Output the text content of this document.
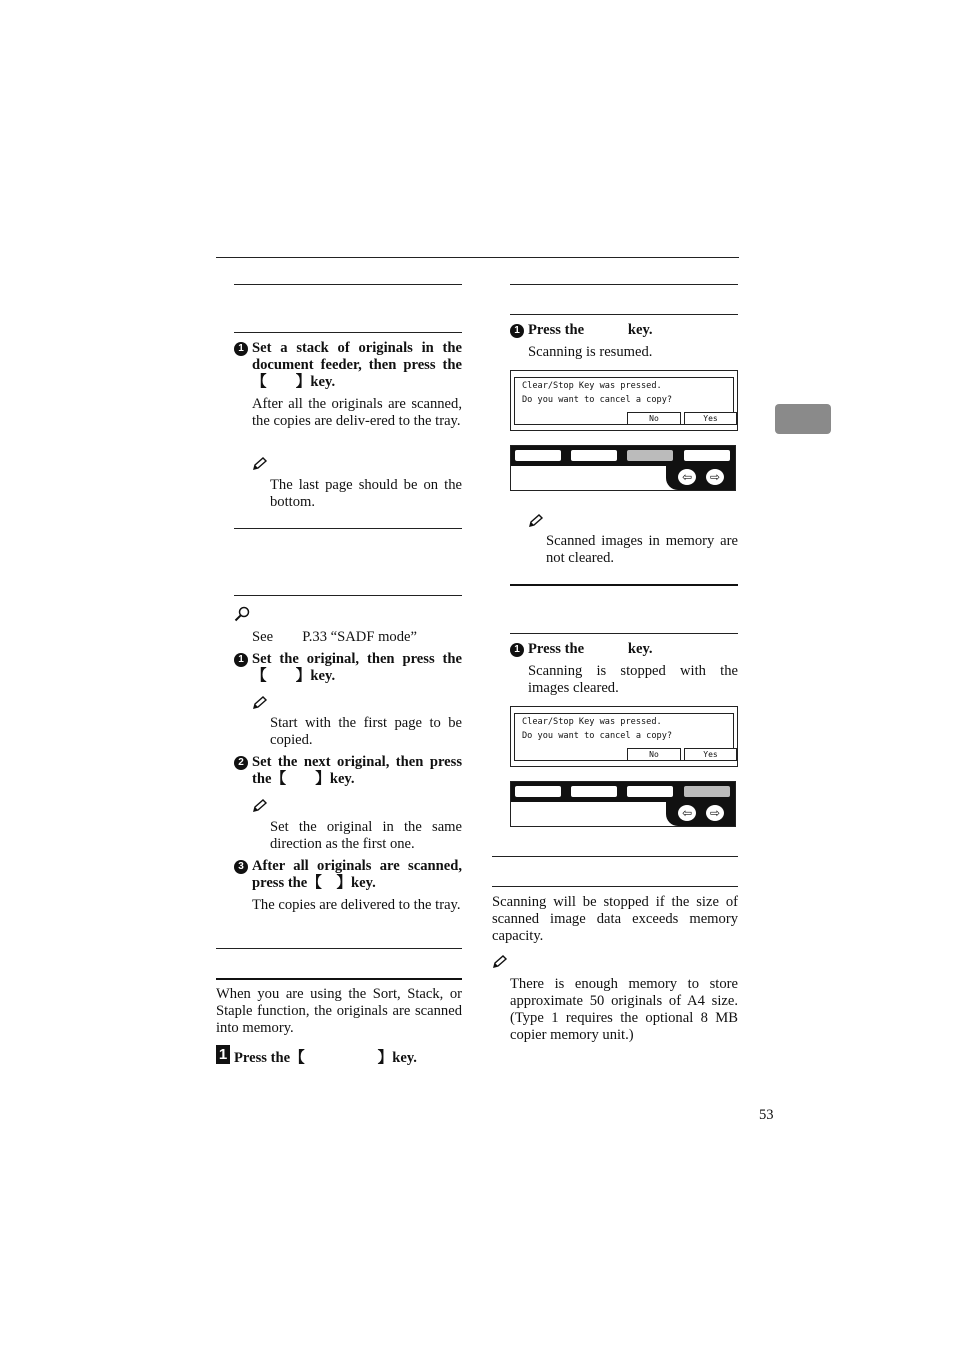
1 Set a stack of originals in the document feeder, then press the【  】key.
After all the originals are scanned, the copies are deliv-ered to the tray.
The last page should be on the bottom.
See  P.33 “SADF mode”
1 Set the original, then press the【  】key.
Start with the first page to be copied.
2 Set the next original, then press the【  】key.
Set the original in the same direction as the first one.
3 After all originals are scanned, press the【 】key.
The copies are delivered to the tray.
When you are using the Sort, Stack, or Staple function, the originals are scanned into memory.
1 Press the【     】key.
1 Press the   key.
Scanning is resumed.
Clear/Stop Key was pressed.
Do you want to cancel a copy?
No	Yes
⇦	⇨
Scanned images in memory are not cleared.
1 Press the   key.
Scanning is stopped with the images cleared.
Clear/Stop Key was pressed.
Do you want to cancel a copy?
No	Yes
⇦	⇨
Scanning will be stopped if the size of scanned image data exceeds memory capacity.
There is enough memory to store approximate 50 originals of A4 size. (Type 1 requires the optional 8 MB copier memory unit.)
53
